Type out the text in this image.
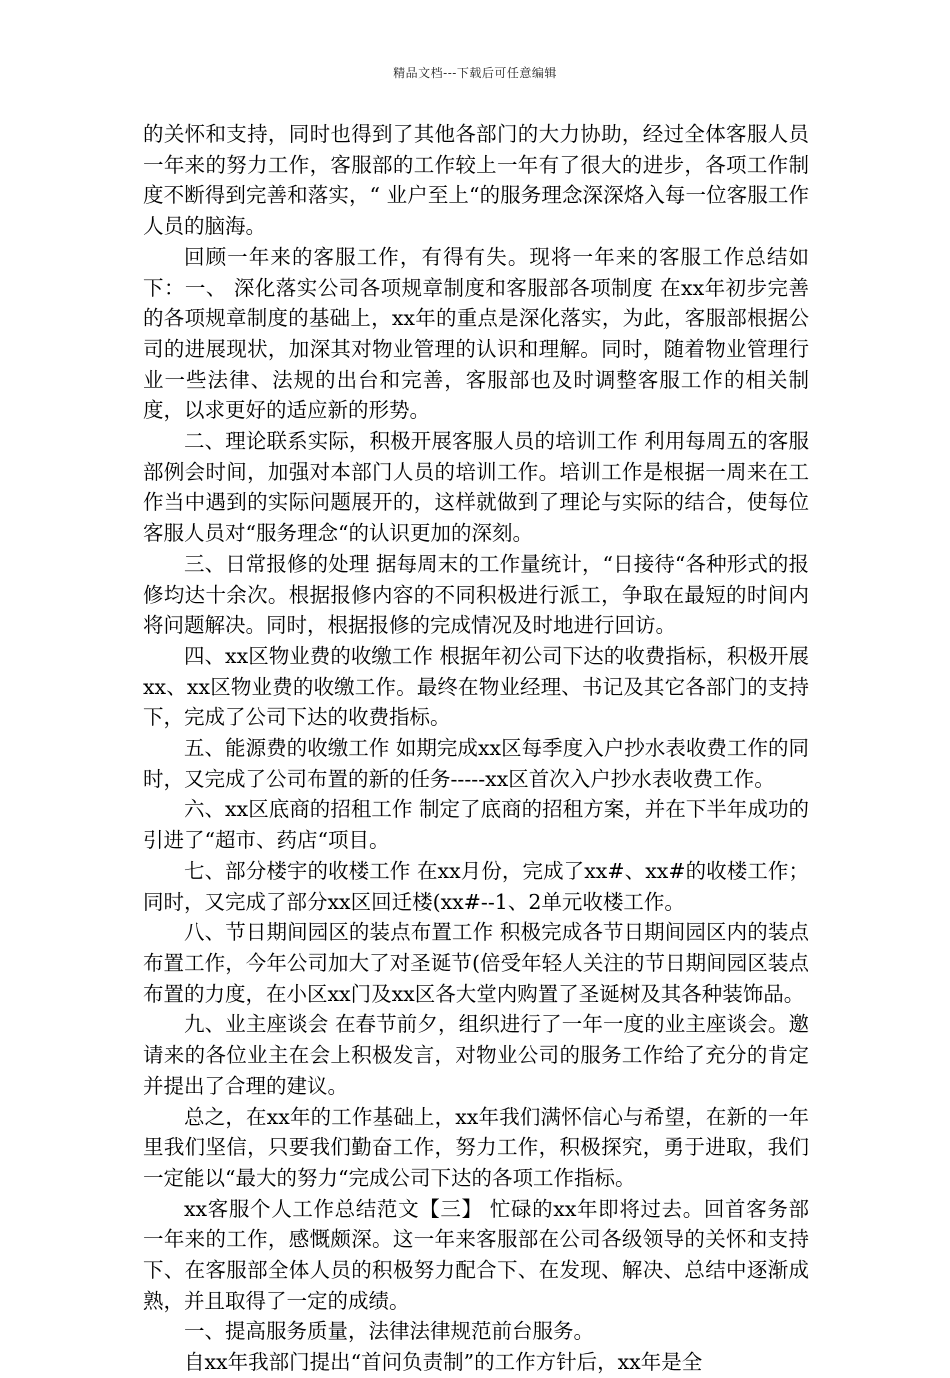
精品文档---下载后可任意编辑

的关怀和支持，同时也得到了其他各部门的大力协助，经过全体客服人员一年来的努力工作，客服部的工作较上一年有了很大的进步，各项工作制度不断得到完善和落实，“ 业户至上“的服务理念深深烙入每一位客服工作人员的脑海。

回顾一年来的客服工作，有得有失。现将一年来的客服工作总结如下：一、 深化落实公司各项规章制度和客服部各项制度 在xx年初步完善的各项规章制度的基础上，xx年的重点是深化落实，为此，客服部根据公司的进展现状，加深其对物业管理的认识和理解。同时，随着物业管理行业一些法律、法规的出台和完善，客服部也及时调整客服工作的相关制度，以求更好的适应新的形势。

二、理论联系实际，积极开展客服人员的培训工作 利用每周五的客服部例会时间，加强对本部门人员的培训工作。培训工作是根据一周来在工作当中遇到的实际问题展开的，这样就做到了理论与实际的结合，使每位客服人员对“服务理念“的认识更加的深刻。

三、日常报修的处理 据每周末的工作量统计，“日接待“各种形式的报修均达十余次。根据报修内容的不同积极进行派工，争取在最短的时间内将问题解决。同时，根据报修的完成情况及时地进行回访。

四、xx区物业费的收缴工作 根据年初公司下达的收费指标，积极开展xx、xx区物业费的收缴工作。最终在物业经理、书记及其它各部门的支持下，完成了公司下达的收费指标。

五、能源费的收缴工作 如期完成xx区每季度入户抄水表收费工作的同时，又完成了公司布置的新的任务-----xx区首次入户抄水表收费工作。

六、xx区底商的招租工作 制定了底商的招租方案，并在下半年成功的引进了“超市、药店“项目。

七、部分楼宇的收楼工作 在xx月份，完成了xx#、xx#的收楼工作；同时，又完成了部分xx区回迁楼(xx#--1、2单元收楼工作。

八、节日期间园区的装点布置工作 积极完成各节日期间园区内的装点布置工作，今年公司加大了对圣诞节(倍受年轻人关注的节日期间园区装点布置的力度，在小区xx门及xx区各大堂内购置了圣诞树及其各种装饰品。

九、业主座谈会 在春节前夕，组织进行了一年一度的业主座谈会。邀请来的各位业主在会上积极发言，对物业公司的服务工作给了充分的肯定并提出了合理的建议。

总之，在xx年的工作基础上，xx年我们满怀信心与希望，在新的一年里我们坚信，只要我们勤奋工作，努力工作，积极探究，勇于进取，我们一定能以“最大的努力“完成公司下达的各项工作指标。

xx客服个人工作总结范文【三】 忙碌的xx年即将过去。回首客务部一年来的工作，感慨颇深。这一年来客服部在公司各级领导的关怀和支持下、在客服部全体人员的积极努力配合下、在发现、解决、总结中逐渐成熟，并且取得了一定的成绩。

一、提高服务质量，法律法律规范前台服务。

自xx年我部门提出“首问负责制”的工作方针后，xx年是全
